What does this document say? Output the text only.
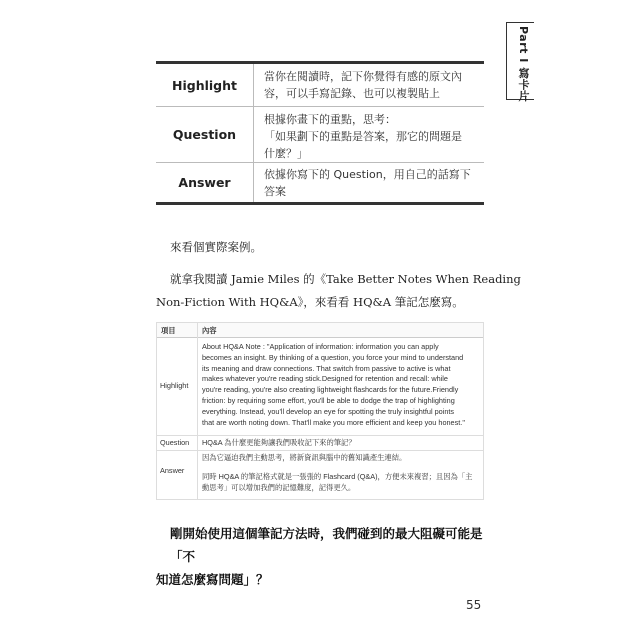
Part I 寫卡片
Highlight
當你在閱讀時，記下你覺得有感的原文內
容，可以手寫記錄、也可以複製貼上
Question
根據你畫下的重點，思考：
「如果劃下的重點是答案，那它的問題是
什麼？」
Answer	依據你寫下的 Question，用自己的話寫下
答案
來看個實際案例。
就拿我閱讀 Jamie Miles 的《Take Better Notes When Reading
Non-Fiction With HQ&A》，來看看 HQ&A 筆記怎麼寫。
項目	內容
Highlight
About HQ&A Note : "Application of information: information you can apply
becomes an insight. By thinking of a question, you force your mind to understand
its meaning and draw connections. That switch from passive to active is what
makes whatever you're reading stick.Designed for retention and recall: while
you're reading, you're also creating lightweight flashcards for the future.Friendly
friction: by requiring some effort, you'll be able to dodge the trap of highlighting
everything. Instead, you'll develop an eye for spotting the truly insightful points
that are worth noting down. That'll make you more efficient and keep you honest."
Question HQ&A 為什麼更能夠讓我們吸收記下來的筆記？
Answer
因為它逼迫我們主動思考，將新資訊與腦中的舊知識產生連結。
同時 HQ&A 的筆記格式就是一張張的 Flashcard (Q&A)，方便未來複習；且因為「主
動思考」可以增加我們的記憶難度，記得更久。
剛開始使用這個筆記方法時，我們碰到的最大阻礙可能是「不
知道怎麼寫問題」？
55
